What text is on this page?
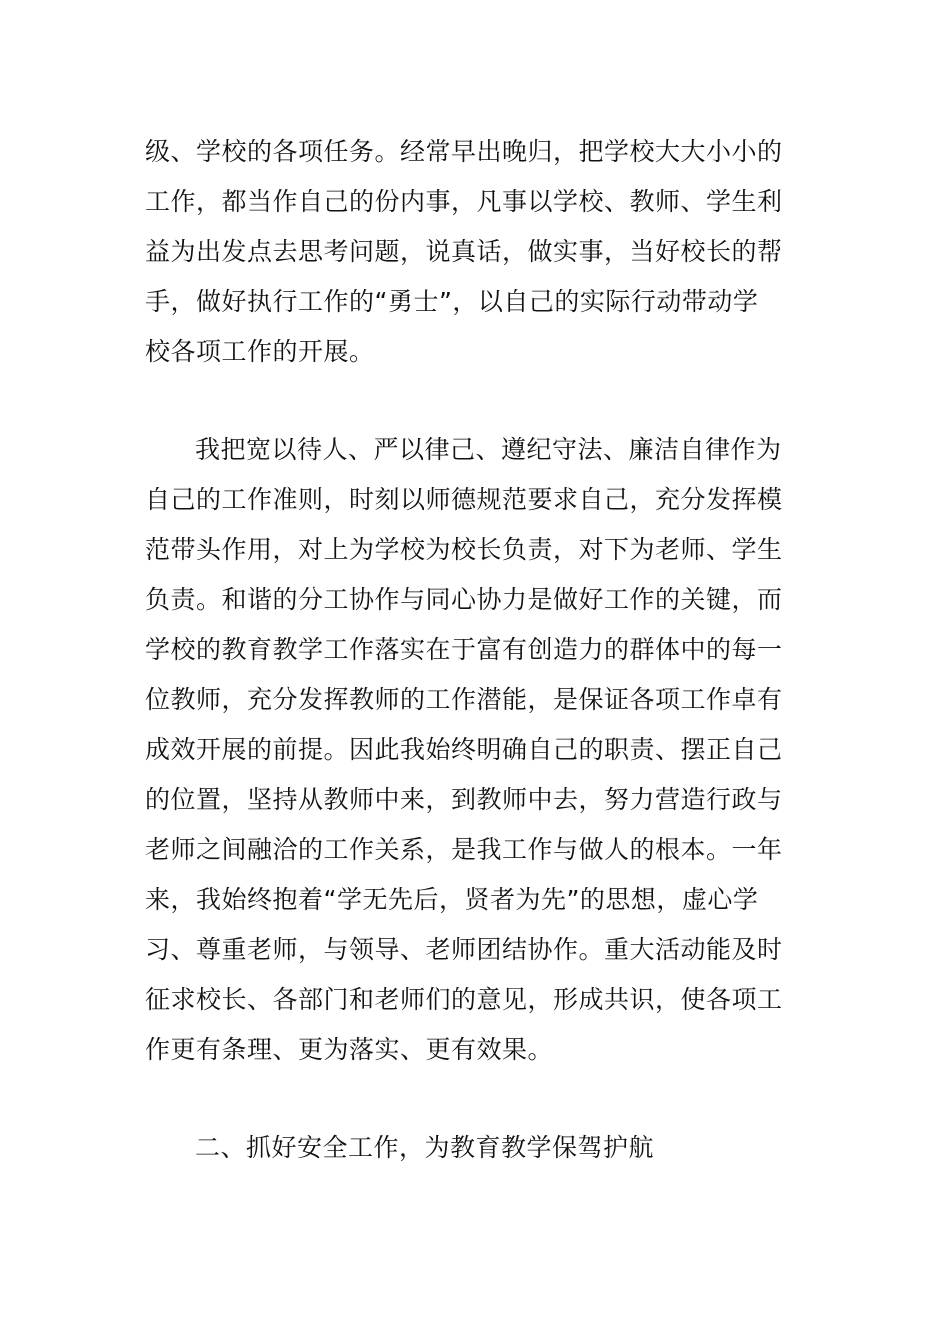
级、学校的各项任务。经常早出晚归，把学校大大小小的
工作，都当作自己的份内事，凡事以学校、教师、学生利
益为出发点去思考问题，说真话，做实事，当好校长的帮
手，做好执行工作的“勇士”，以自己的实际行动带动学
校各项工作的开展。
我把宽以待人、严以律己、遵纪守法、廉洁自律作为
自己的工作准则，时刻以师德规范要求自己，充分发挥模
范带头作用，对上为学校为校长负责，对下为老师、学生
负责。和谐的分工协作与同心协力是做好工作的关键，而
学校的教育教学工作落实在于富有创造力的群体中的每一
位教师，充分发挥教师的工作潜能，是保证各项工作卓有
成效开展的前提。因此我始终明确自己的职责、摆正自己
的位置，坚持从教师中来，到教师中去，努力营造行政与
老师之间融洽的工作关系，是我工作与做人的根本。一年
来，我始终抱着“学无先后，贤者为先”的思想，虚心学
习、尊重老师，与领导、老师团结协作。重大活动能及时
征求校长、各部门和老师们的意见，形成共识，使各项工
作更有条理、更为落实、更有效果。
二、抓好安全工作，为教育教学保驾护航
